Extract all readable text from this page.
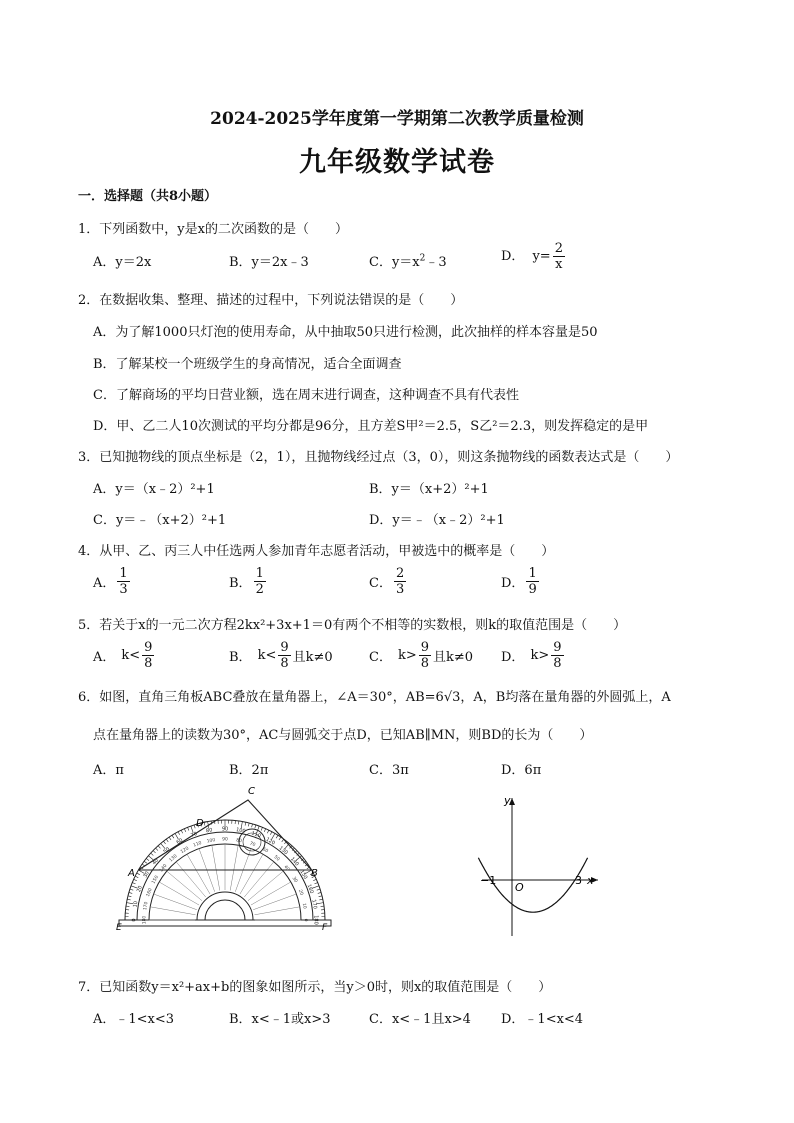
2024-2025学年度第一学期第二次教学质量检测
九年级数学试卷
一．选择题（共8小题）
1．下列函数中，y是x的二次函数的是（　　）
A．y＝2x	B．y＝2x﹣3	C．$y=x^2﹣3$	D． $y= \frac{2}{x}$
2．在数据收集、整理、描述的过程中，下列说法错误的是（　　）
A．为了解1000只灯泡的使用寿命，从中抽取50只进行检测，此次抽样的样本容量是50
B．了解某校一个班级学生的身高情况，适合全面调查
C．了解商场的平均日营业额，选在周末进行调查，这种调查不具有代表性
D．甲、乙二人10次测试的平均分都是96分，且方差S甲²＝2.5，S乙²＝2.3，则发挥稳定的是甲
3．已知抛物线的顶点坐标是（2，1），且抛物线经过点（3，0），则这条抛物线的函数表达式是（　　）
A．y＝（x﹣2）²+1	B．y＝（x+2）²+1
C．y＝﹣（x+2）²+1	D．y＝﹣（x﹣2）²+1
4．从甲、乙、丙三人中任选两人参加青年志愿者活动，甲被选中的概率是（　　）
A． $\frac{1}{3}$	B． $\frac{1}{2}$	C． $\frac{2}{3}$	D． $\frac{1}{9}$
5．若关于x的一元二次方程2kx²+3x+1＝0有两个不相等的实数根，则k的取值范围是（　　）
A． $k< \frac{9}{8}$	B． $k< \frac{9}{8}$ 且k≠0	C． $k> \frac{9}{8}$ 且k≠0 D． $k> \frac{9}{8}$
6．如图，直角三角板ABC叠放在量角器上，∠A＝30°，AB=6√3，A，B均落在量角器的外圆弧上，A
点在量角器上的读数为30°，AC与圆弧交于点D，已知AB∥MN，则BD的长为（　　）
A．π	B．2π	C．3π	D．6π
C
D
A	B
E	F
0 180
10 170
20 160
30
150
40
140
50
130
60
120
70
110
80
100
90
90
100
80
110
70 120
60 130
50 140
40
150
30
160
20
170
10
180
0
y
x
O
−1	3
7．已知函数y＝x²+ax+b的图象如图所示，当y＞0时，则x的取值范围是（　　）
A．﹣1<x<3	B．x<﹣1或x>3	C．x<﹣1且x>4 D．﹣1<x<4
